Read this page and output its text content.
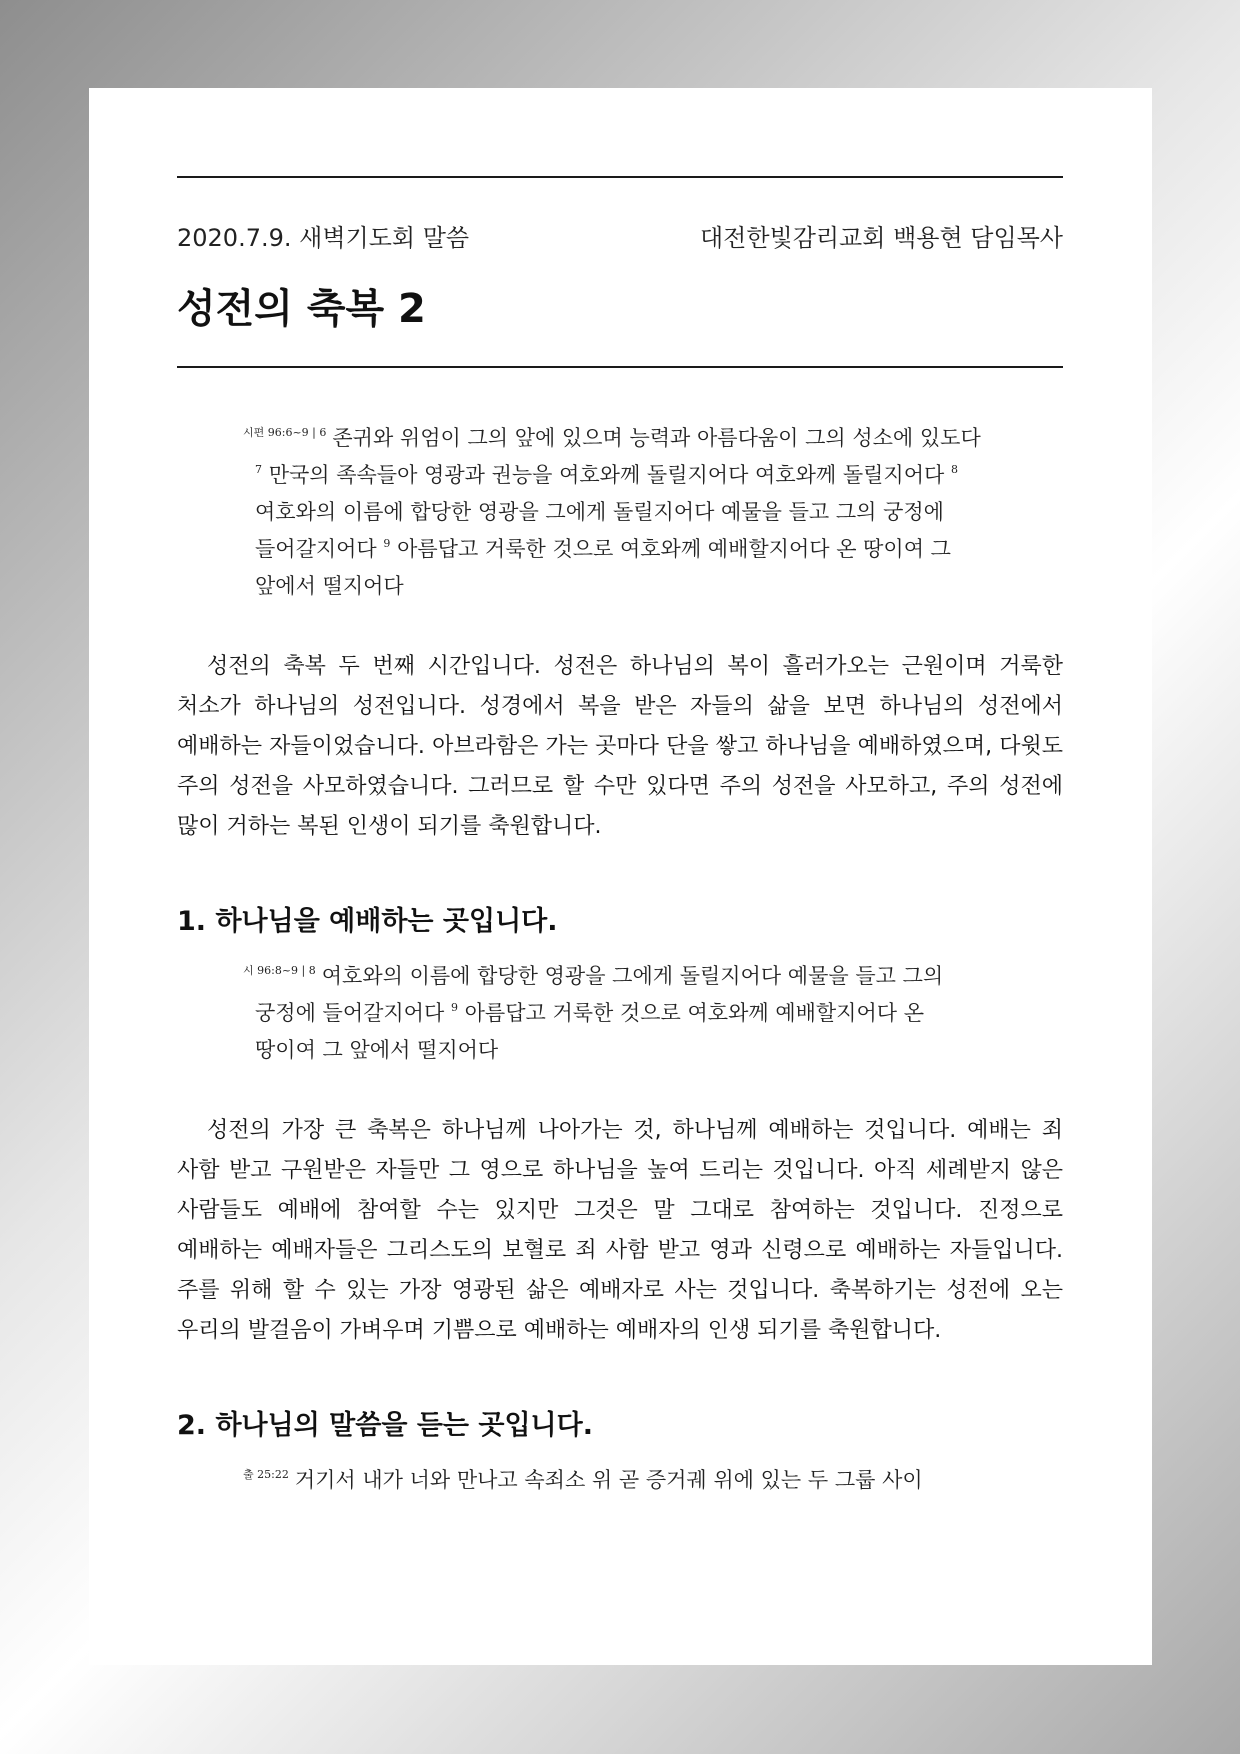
2020.7.9. 새벽기도회 말씀	대전한빛감리교회 백용현 담임목사
성전의 축복 2

$^{시편 96:6\sim 9 | 6}$ 존귀와 위엄이 그의 앞에 있으며 능력과 아름다움이 그의 성소에 있도다 $^7$ 만국의 족속들아 영광과 권능을 여호와께 돌릴지어다 여호와께 돌릴지어다 $^8$ 여호와의 이름에 합당한 영광을 그에게 돌릴지어다 예물을 들고 그의 궁정에 들어갈지어다 $^9$ 아름답고 거룩한 것으로 여호와께 예배할지어다 온 땅이여 그 앞에서 떨지어다

성전의 축복 두 번째 시간입니다. 성전은 하나님의 복이 흘러가오는 근원이며 거룩한 처소가 하나님의 성전입니다. 성경에서 복을 받은 자들의 삶을 보면 하나님의 성전에서 예배하는 자들이었습니다. 아브라함은 가는 곳마다 단을 쌓고 하나님을 예배하였으며, 다윗도 주의 성전을 사모하였습니다. 그러므로 할 수만 있다면 주의 성전을 사모하고, 주의 성전에 많이 거하는 복된 인생이 되기를 축원합니다.

1. 하나님을 예배하는 곳입니다.

$^{시 96:8\sim 9 | 8}$ 여호와의 이름에 합당한 영광을 그에게 돌릴지어다 예물을 들고 그의 궁정에 들어갈지어다 $^9$ 아름답고 거룩한 것으로 여호와께 예배할지어다 온 땅이여 그 앞에서 떨지어다

성전의 가장 큰 축복은 하나님께 나아가는 것, 하나님께 예배하는 것입니다. 예배는 죄 사함 받고 구원받은 자들만 그 영으로 하나님을 높여 드리는 것입니다. 아직 세례받지 않은 사람들도 예배에 참여할 수는 있지만 그것은 말 그대로 참여하는 것입니다. 진정으로 예배하는 예배자들은 그리스도의 보혈로 죄 사함 받고 영과 신령으로 예배하는 자들입니다. 주를 위해 할 수 있는 가장 영광된 삶은 예배자로 사는 것입니다. 축복하기는 성전에 오는 우리의 발걸음이 가벼우며 기쁨으로 예배하는 예배자의 인생 되기를 축원합니다.

2. 하나님의 말씀을 듣는 곳입니다.

$^{출 25:22}$ 거기서 내가 너와 만나고 속죄소 위 곧 증거궤 위에 있는 두 그룹 사이
